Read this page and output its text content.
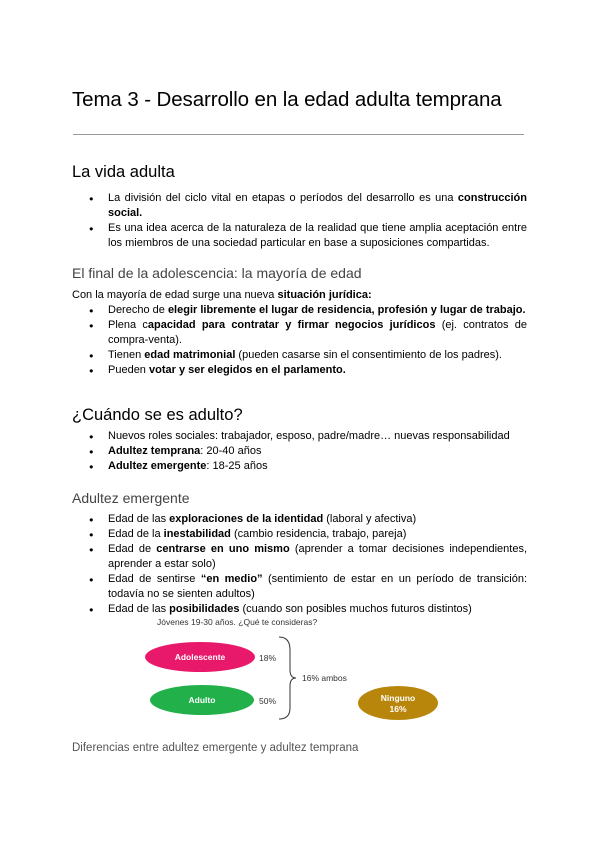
Tema 3 - Desarrollo en la edad adulta temprana
La vida adulta
● La división del ciclo vital en etapas o períodos del desarrollo es una construcción social.
● Es una idea acerca de la naturaleza de la realidad que tiene amplia aceptación entre los miembros de una sociedad particular en base a suposiciones compartidas.
El final de la adolescencia: la mayoría de edad

Con la mayoría de edad surge una nueva situación jurídica:

● Derecho de elegir libremente el lugar de residencia, profesión y lugar de trabajo.
● Plena capacidad para contratar y firmar negocios jurídicos (ej. contratos de compra-venta).
● Tienen edad matrimonial (pueden casarse sin el consentimiento de los padres).
● Pueden votar y ser elegidos en el parlamento.
¿Cuándo se es adulto?
● Nuevos roles sociales: trabajador, esposo, padre/madre… nuevas responsabilidad
● Adultez temprana: 20-40 años
● Adultez emergente: 18-25 años
Adultez emergente
● Edad de las exploraciones de la identidad (laboral y afectiva)
● Edad de la inestabilidad (cambio residencia, trabajo, pareja)
● Edad de centrarse en uno mismo (aprender a tomar decisiones independientes, aprender a estar solo)
● Edad de sentirse “en medio” (sentimiento de estar en un período de transición: todavía no se sienten adultos)
● Edad de las posibilidades (cuando son posibles muchos futuros distintos)
Jóvenes 19-30 años. ¿Qué te consideras?
Adolescente	18%
Adulto	50%
16% ambos
Ninguno
16%

Diferencias entre adultez emergente y adultez temprana
